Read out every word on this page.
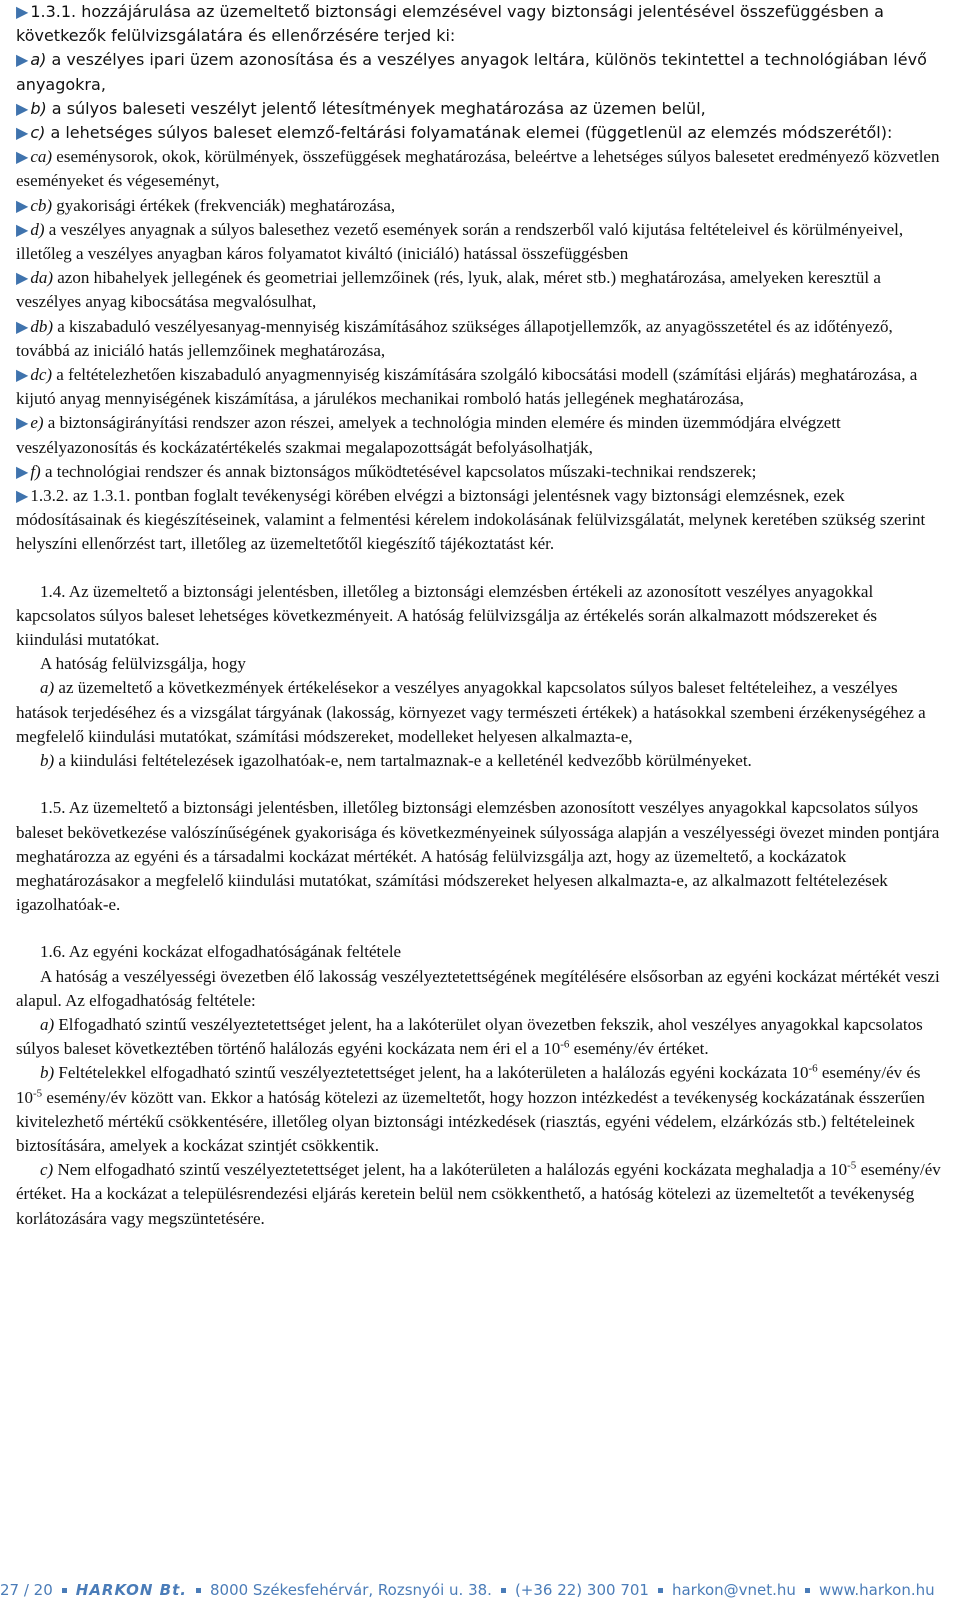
▶ 1.3.1. hozzájárulása az üzemeltető biztonsági elemzésével vagy biztonsági jelentésével összefüggésben a következők felülvizsgálatára és ellenőrzésére terjed ki:

▶ a) a veszélyes ipari üzem azonosítása és a veszélyes anyagok leltára, különös tekintettel a technológiában lévő anyagokra,

▶ b) a súlyos baleseti veszélyt jelentő létesítmények meghatározása az üzemen belül,

▶ c) a lehetséges súlyos baleset elemző-feltárási folyamatának elemei (függetlenül az elemzés módszerétől):

▶ ca) eseménysorok, okok, körülmények, összefüggések meghatározása, beleértve a lehetséges súlyos balesetet eredményező közvetlen eseményeket és végeseményt,

▶ cb) gyakorisági értékek (frekvenciák) meghatározása,

▶ d) a veszélyes anyagnak a súlyos balesethez vezető események során a rendszerből való kijutása feltételeivel és körülményeivel, illetőleg a veszélyes anyagban káros folyamatot kiváltó (iniciáló) hatással összefüggésben

▶ da) azon hibahelyek jellegének és geometriai jellemzőinek (rés, lyuk, alak, méret stb.) meghatározása, amelyeken keresztül a veszélyes anyag kibocsátása megvalósulhat,

▶ db) a kiszabaduló veszélyesanyag-mennyiség kiszámításához szükséges állapotjellemzők, az anyagösszetétel és az időtényező, továbbá az iniciáló hatás jellemzőinek meghatározása,

▶ dc) a feltételezhetően kiszabaduló anyagmennyiség kiszámítására szolgáló kibocsátási modell (számítási eljárás) meghatározása, a kijutó anyag mennyiségének kiszámítása, a járulékos mechanikai romboló hatás jellegének meghatározása,

▶ e) a biztonságirányítási rendszer azon részei, amelyek a technológia minden elemére és minden üzemmódjára elvégzett veszélyazonosítás és kockázatértékelés szakmai megalapozottságát befolyásolhatják,

▶ f) a technológiai rendszer és annak biztonságos működtetésével kapcsolatos műszaki-technikai rendszerek;

▶ 1.3.2. az 1.3.1. pontban foglalt tevékenységi körében elvégzi a biztonsági jelentésnek vagy biztonsági elemzésnek, ezek módosításainak és kiegészítéseinek, valamint a felmentési kérelem indokolásának felülvizsgálatát, melynek keretében szükség szerint helyszíni ellenőrzést tart, illetőleg az üzemeltetőtől kiegészítő tájékoztatást kér.

1.4. Az üzemeltető a biztonsági jelentésben, illetőleg a biztonsági elemzésben értékeli az azonosított veszélyes anyagokkal kapcsolatos súlyos baleset lehetséges következményeit. A hatóság felülvizsgálja az értékelés során alkalmazott módszereket és kiindulási mutatókat.

A hatóság felülvizsgálja, hogy

a) az üzemeltető a következmények értékelésekor a veszélyes anyagokkal kapcsolatos súlyos baleset feltételeihez, a veszélyes hatások terjedéséhez és a vizsgálat tárgyának (lakosság, környezet vagy természeti értékek) a hatásokkal szembeni érzékenységéhez a megfelelő kiindulási mutatókat, számítási módszereket, modelleket helyesen alkalmazta-e,

b) a kiindulási feltételezések igazolhatóak-e, nem tartalmaznak-e a kelleténél kedvezőbb körülményeket.

1.5. Az üzemeltető a biztonsági jelentésben, illetőleg biztonsági elemzésben azonosított veszélyes anyagokkal kapcsolatos súlyos baleset bekövetkezése valószínűségének gyakorisága és következményeinek súlyossága alapján a veszélyességi övezet minden pontjára meghatározza az egyéni és a társadalmi kockázat mértékét. A hatóság felülvizsgálja azt, hogy az üzemeltető, a kockázatok meghatározásakor a megfelelő kiindulási mutatókat, számítási módszereket helyesen alkalmazta-e, az alkalmazott feltételezések igazolhatóak-e.

1.6. Az egyéni kockázat elfogadhatóságának feltétele

A hatóság a veszélyességi övezetben élő lakosság veszélyeztetettségének megítélésére elsősorban az egyéni kockázat mértékét veszi alapul. Az elfogadhatóság feltétele:

a) Elfogadható szintű veszélyeztetettséget jelent, ha a lakóterület olyan övezetben fekszik, ahol veszélyes anyagokkal kapcsolatos súlyos baleset következtében történő halálozás egyéni kockázata nem éri el a $10^{-6}$ esemény/év értéket.

b) Feltételekkel elfogadható szintű veszélyeztetettséget jelent, ha a lakóterületen a halálozás egyéni kockázata $10^{-6}$ esemény/év és $10^{-5}$ esemény/év között van. Ekkor a hatóság kötelezi az üzemeltetőt, hogy hozzon intézkedést a tevékenység kockázatának ésszerűen kivitelezhető mértékű csökkentésére, illetőleg olyan biztonsági intézkedések (riasztás, egyéni védelem, elzárkózás stb.) feltételeinek biztosítására, amelyek a kockázat szintjét csökkentik.

c) Nem elfogadható szintű veszélyeztetettséget jelent, ha a lakóterületen a halálozás egyéni kockázata meghaladja a $10^{-5}$ esemény/év értéket. Ha a kockázat a településrendezési eljárás keretein belül nem csökkenthető, a hatóság kötelezi az üzemeltetőt a tevékenység korlátozására vagy megszüntetésére.

27 / 20 HARKON Bt. 8000 Székesfehérvár, Rozsnyói u. 38. (+36 22) 300 701 harkon@vnet.hu www.harkon.hu
